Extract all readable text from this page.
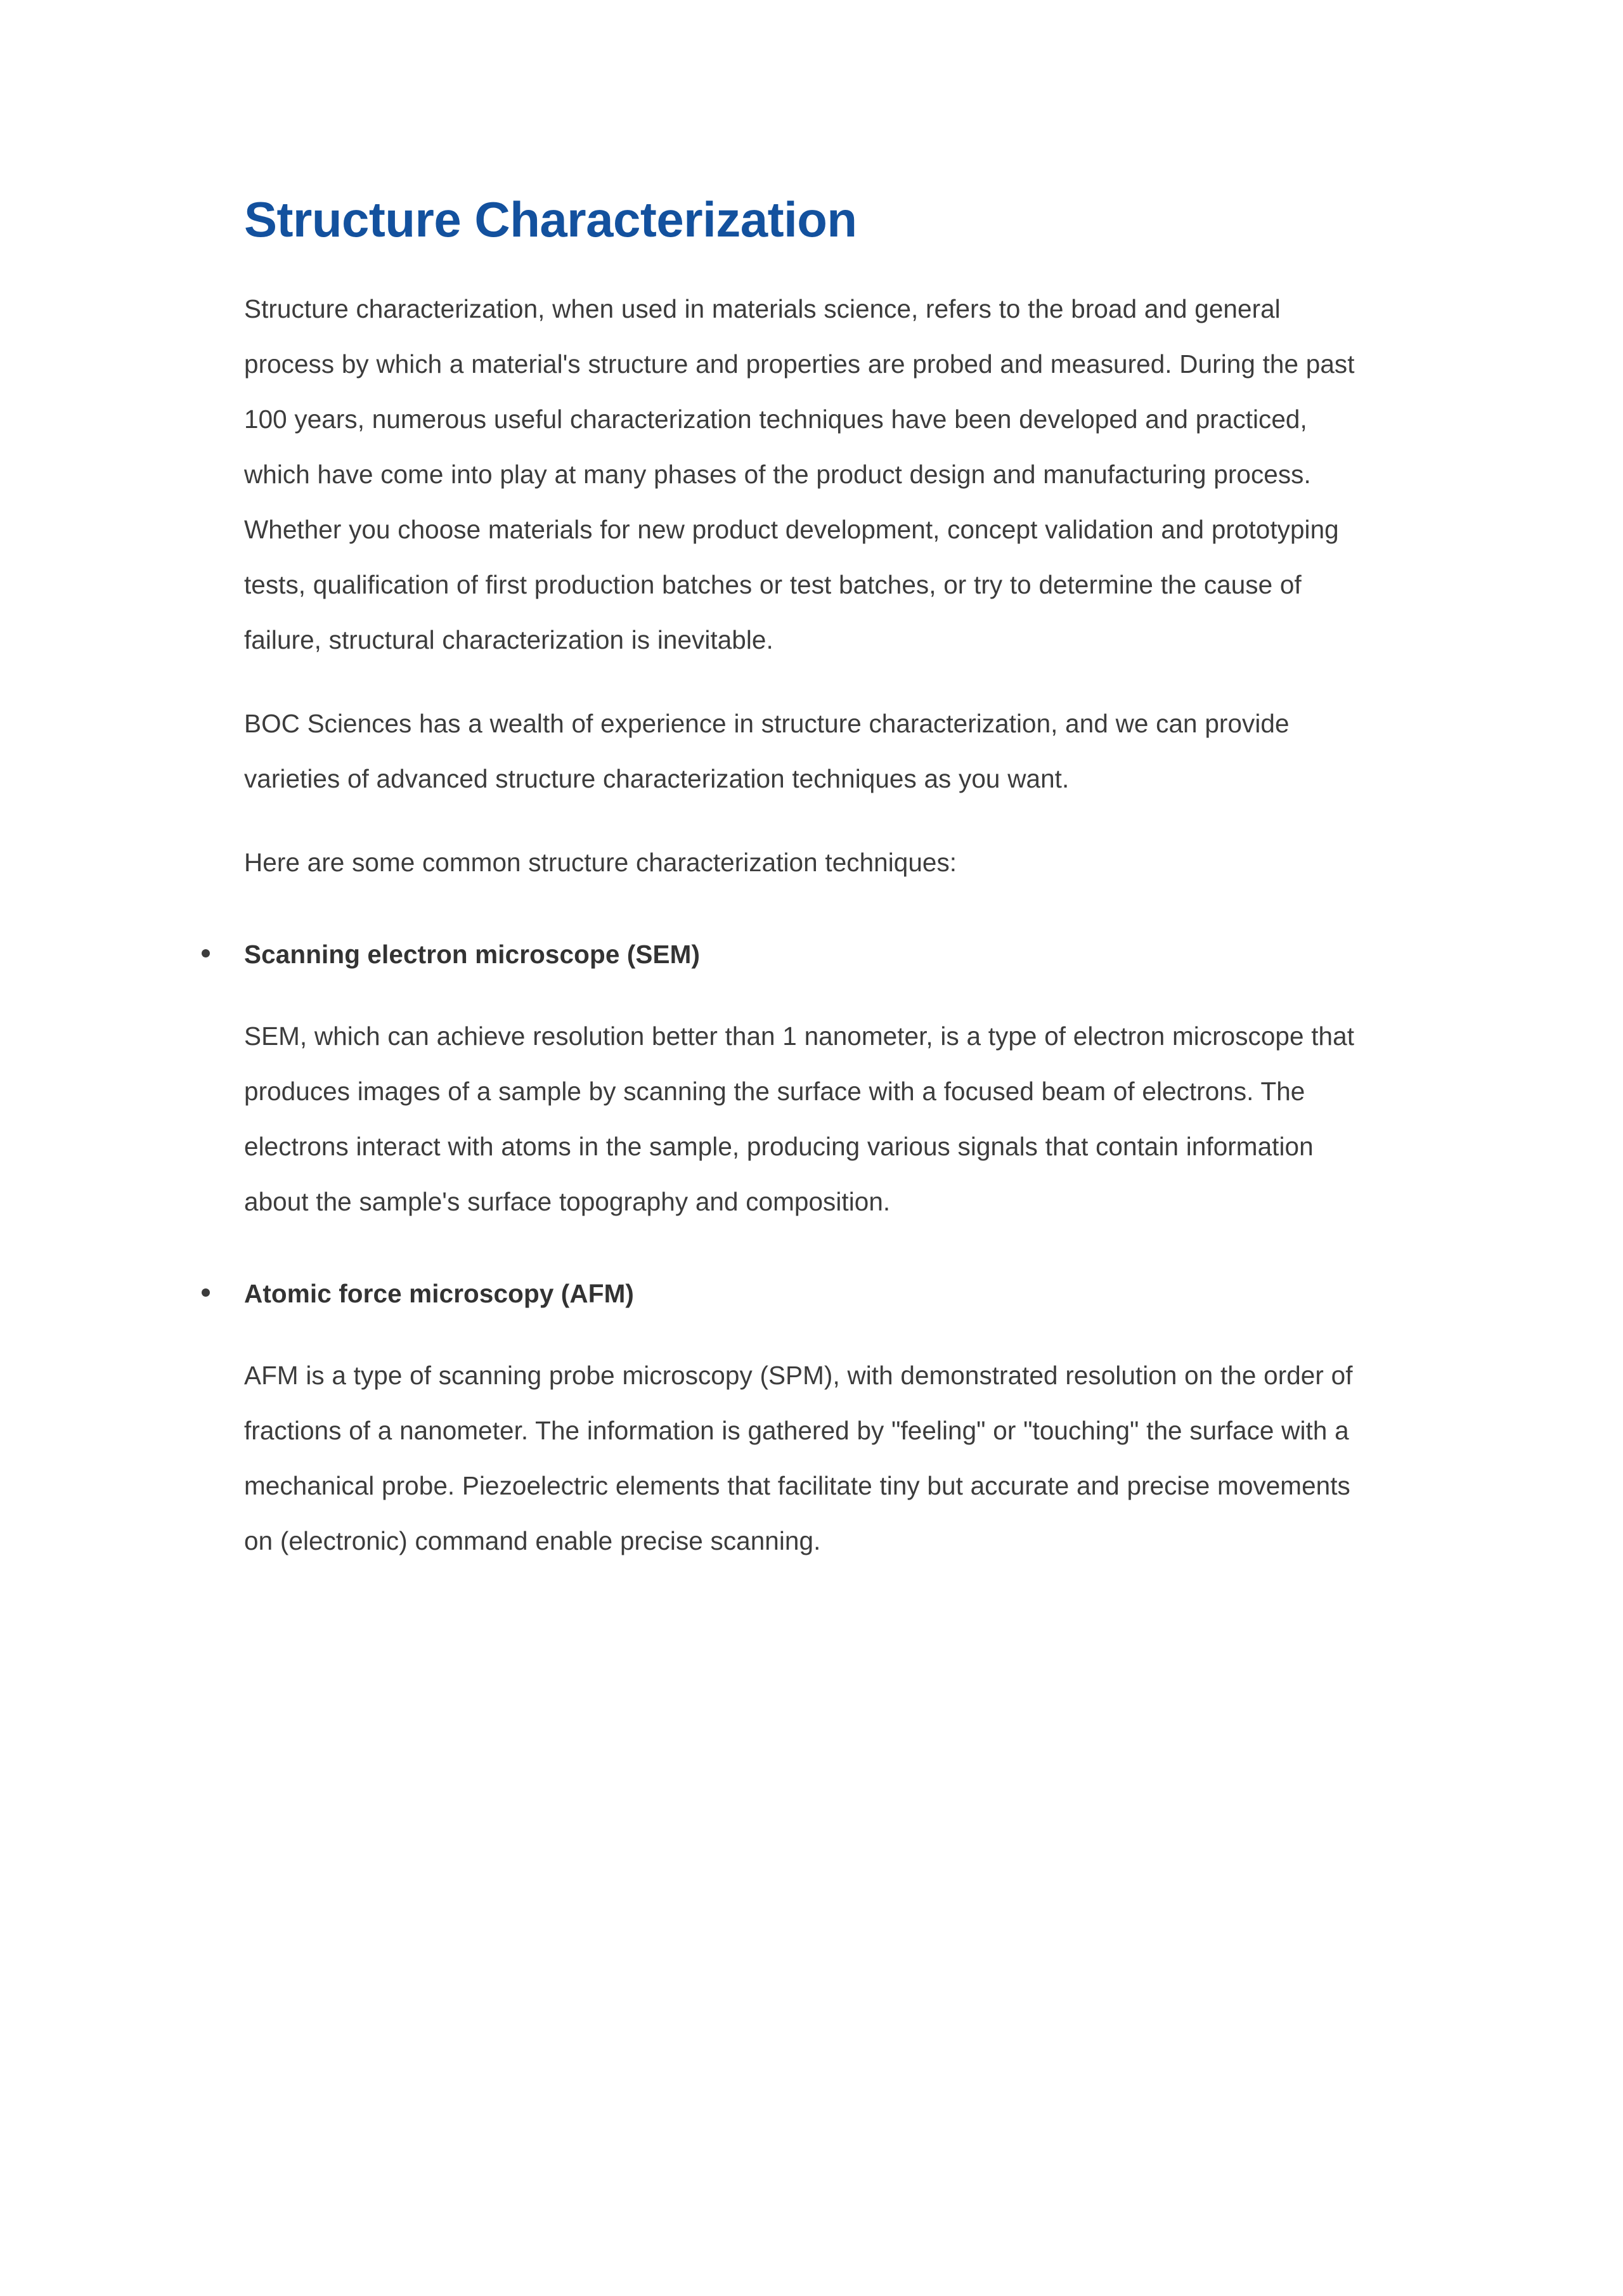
Structure Characterization

Structure characterization, when used in materials science, refers to the broad and general process by which a material's structure and properties are probed and measured. During the past 100 years, numerous useful characterization techniques have been developed and practiced, which have come into play at many phases of the product design and manufacturing process. Whether you choose materials for new product development, concept validation and prototyping tests, qualification of first production batches or test batches, or try to determine the cause of failure, structural characterization is inevitable.

BOC Sciences has a wealth of experience in structure characterization, and we can provide varieties of advanced structure characterization techniques as you want.

Here are some common structure characterization techniques:

Scanning electron microscope (SEM)

SEM, which can achieve resolution better than 1 nanometer, is a type of electron microscope that produces images of a sample by scanning the surface with a focused beam of electrons. The electrons interact with atoms in the sample, producing various signals that contain information about the sample's surface topography and composition.

Atomic force microscopy (AFM)

AFM is a type of scanning probe microscopy (SPM), with demonstrated resolution on the order of fractions of a nanometer. The information is gathered by "feeling" or "touching" the surface with a mechanical probe. Piezoelectric elements that facilitate tiny but accurate and precise movements on (electronic) command enable precise scanning.
